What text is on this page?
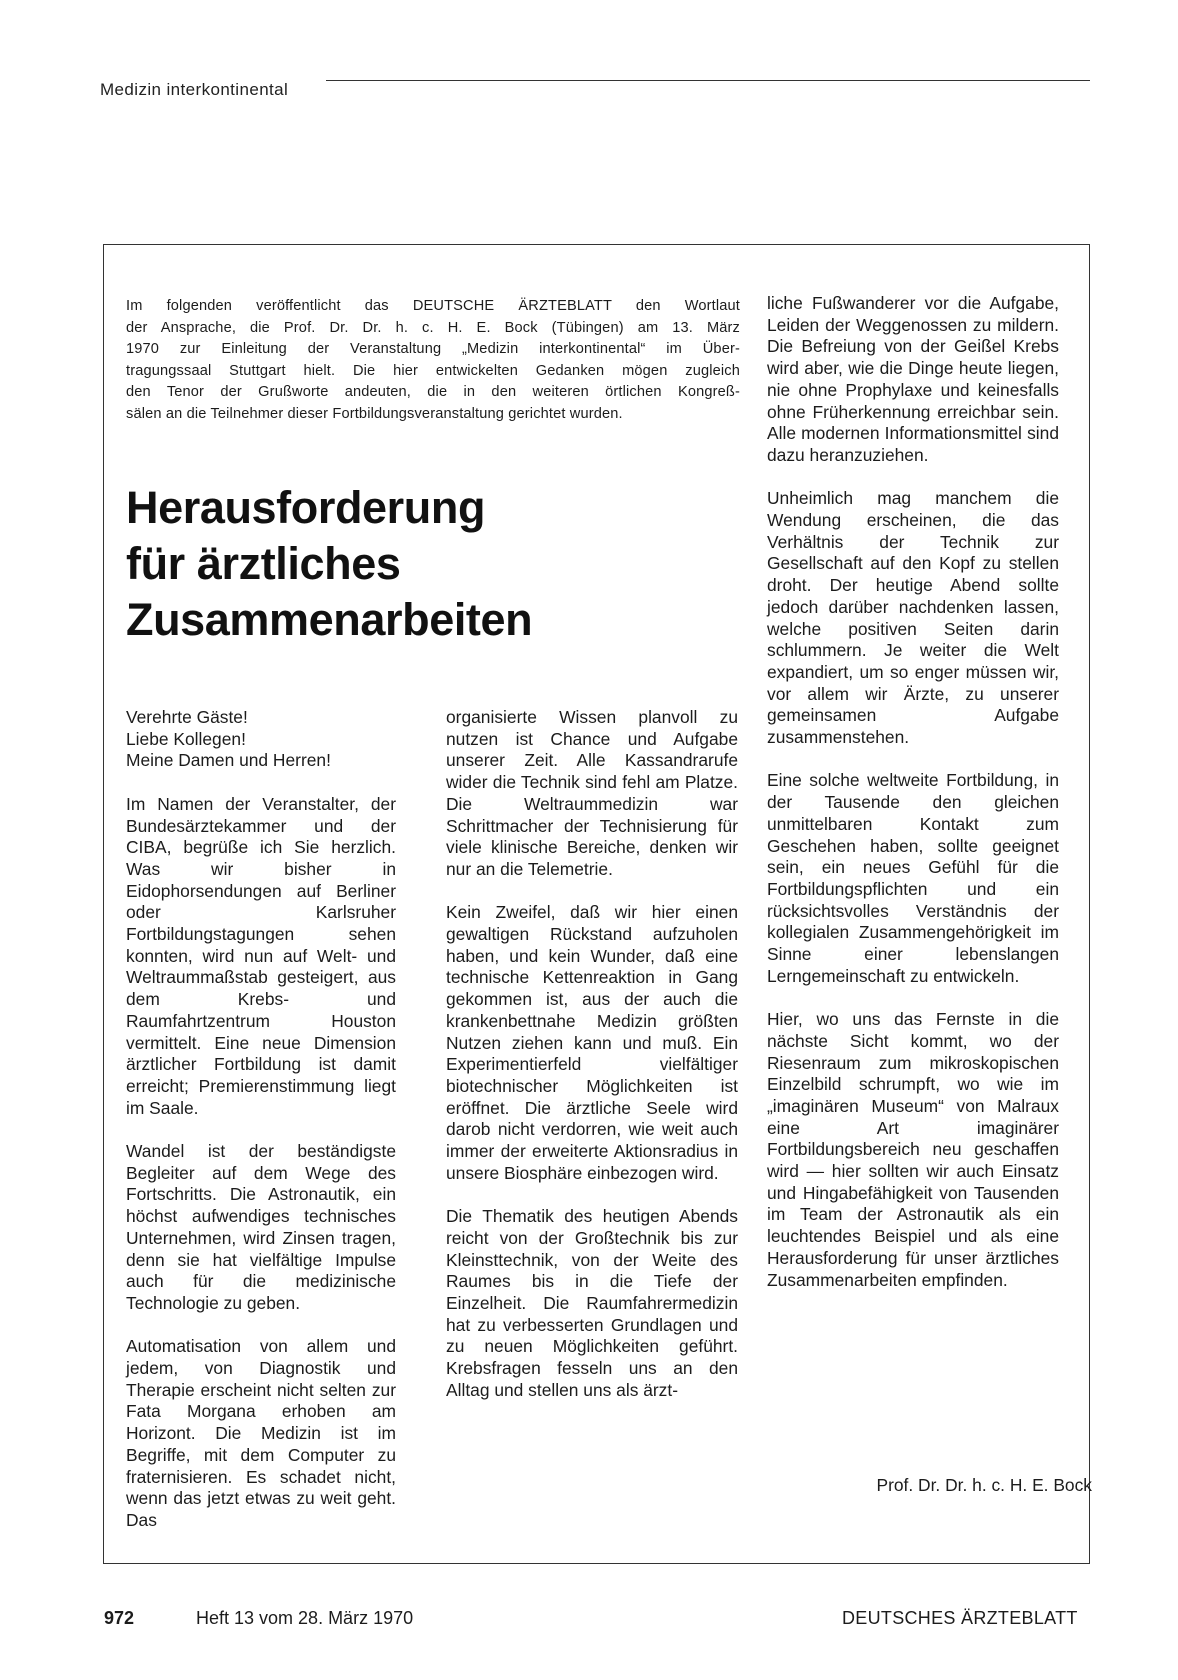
Medizin interkontinental
Im folgenden veröffentlicht das DEUTSCHE ÄRZTEBLATT den Wortlaut
der Ansprache, die Prof. Dr. Dr. h. c. H. E. Bock (Tübingen) am 13. März
1970 zur Einleitung der Veranstaltung „Medizin interkontinental“ im Über-
tragungssaal Stuttgart hielt. Die hier entwickelten Gedanken mögen zugleich
den Tenor der Grußworte andeuten, die in den weiteren örtlichen Kongreß-
sälen an die Teilnehmer dieser Fortbildungsveranstaltung gerichtet wurden.
Herausforderung
für ärztliches
Zusammenarbeiten

Verehrte Gäste!
Liebe Kollegen!
Meine Damen und Herren!

Im Namen der Veranstalter, der Bundesärztekammer und der CIBA, begrüße ich Sie herzlich. Was wir bisher in Eidophorsendungen auf Berliner oder Karlsruher Fortbildungstagungen sehen konnten, wird nun auf Welt- und Weltraummaßstab gesteigert, aus dem Krebs- und Raumfahrtzentrum Houston vermittelt. Eine neue Dimension ärztlicher Fortbildung ist damit erreicht; Premierenstimmung liegt im Saale.

Wandel ist der beständigste Begleiter auf dem Wege des Fortschritts. Die Astronautik, ein höchst aufwendiges technisches Unternehmen, wird Zinsen tragen, denn sie hat vielfältige Impulse auch für die medizinische Technologie zu geben.

Automatisation von allem und jedem, von Diagnostik und Therapie erscheint nicht selten zur Fata Morgana erhoben am Horizont. Die Medizin ist im Begriffe, mit dem Computer zu fraternisieren. Es schadet nicht, wenn das jetzt etwas zu weit geht. Das

organisierte Wissen planvoll zu nutzen ist Chance und Aufgabe unserer Zeit. Alle Kassandrarufe wider die Technik sind fehl am Platze. Die Weltraummedizin war Schrittmacher der Technisierung für viele klinische Bereiche, denken wir nur an die Telemetrie.

Kein Zweifel, daß wir hier einen gewaltigen Rückstand aufzuholen haben, und kein Wunder, daß eine technische Kettenreaktion in Gang gekommen ist, aus der auch die krankenbettnahe Medizin größten Nutzen ziehen kann und muß. Ein Experimentierfeld vielfältiger biotechnischer Möglichkeiten ist eröffnet. Die ärztliche Seele wird darob nicht verdorren, wie weit auch immer der erweiterte Aktionsradius in unsere Biosphäre einbezogen wird.

Die Thematik des heutigen Abends reicht von der Großtechnik bis zur Kleinsttechnik, von der Weite des Raumes bis in die Tiefe der Einzelheit. Die Raumfahrermedizin hat zu verbesserten Grundlagen und zu neuen Möglichkeiten geführt. Krebsfragen fesseln uns an den Alltag und stellen uns als ärzt-

liche Fußwanderer vor die Aufgabe, Leiden der Weggenossen zu mildern. Die Befreiung von der Geißel Krebs wird aber, wie die Dinge heute liegen, nie ohne Prophylaxe und keinesfalls ohne Früherkennung erreichbar sein. Alle modernen Informationsmittel sind dazu heranzuziehen.

Unheimlich mag manchem die Wendung erscheinen, die das Verhältnis der Technik zur Gesellschaft auf den Kopf zu stellen droht. Der heutige Abend sollte jedoch darüber nachdenken lassen, welche positiven Seiten darin schlummern. Je weiter die Welt expandiert, um so enger müssen wir, vor allem wir Ärzte, zu unserer gemeinsamen Aufgabe zusammenstehen.

Eine solche weltweite Fortbildung, in der Tausende den gleichen unmittelbaren Kontakt zum Geschehen haben, sollte geeignet sein, ein neues Gefühl für die Fortbildungspflichten und ein rücksichtsvolles Verständnis der kollegialen Zusammengehörigkeit im Sinne einer lebenslangen Lerngemeinschaft zu entwickeln.

Hier, wo uns das Fernste in die nächste Sicht kommt, wo der Riesenraum zum mikroskopischen Einzelbild schrumpft, wo wie im „imaginären Museum“ von Malraux eine Art imaginärer Fortbildungsbereich neu geschaffen wird — hier sollten wir auch Einsatz und Hingabefähigkeit von Tausenden im Team der Astronautik als ein leuchtendes Beispiel und als eine Herausforderung für unser ärztliches Zusammenarbeiten empfinden.

Prof. Dr. Dr. h. c. H. E. Bock
972	Heft 13 vom 28. März 1970	DEUTSCHES ÄRZTEBLATT
